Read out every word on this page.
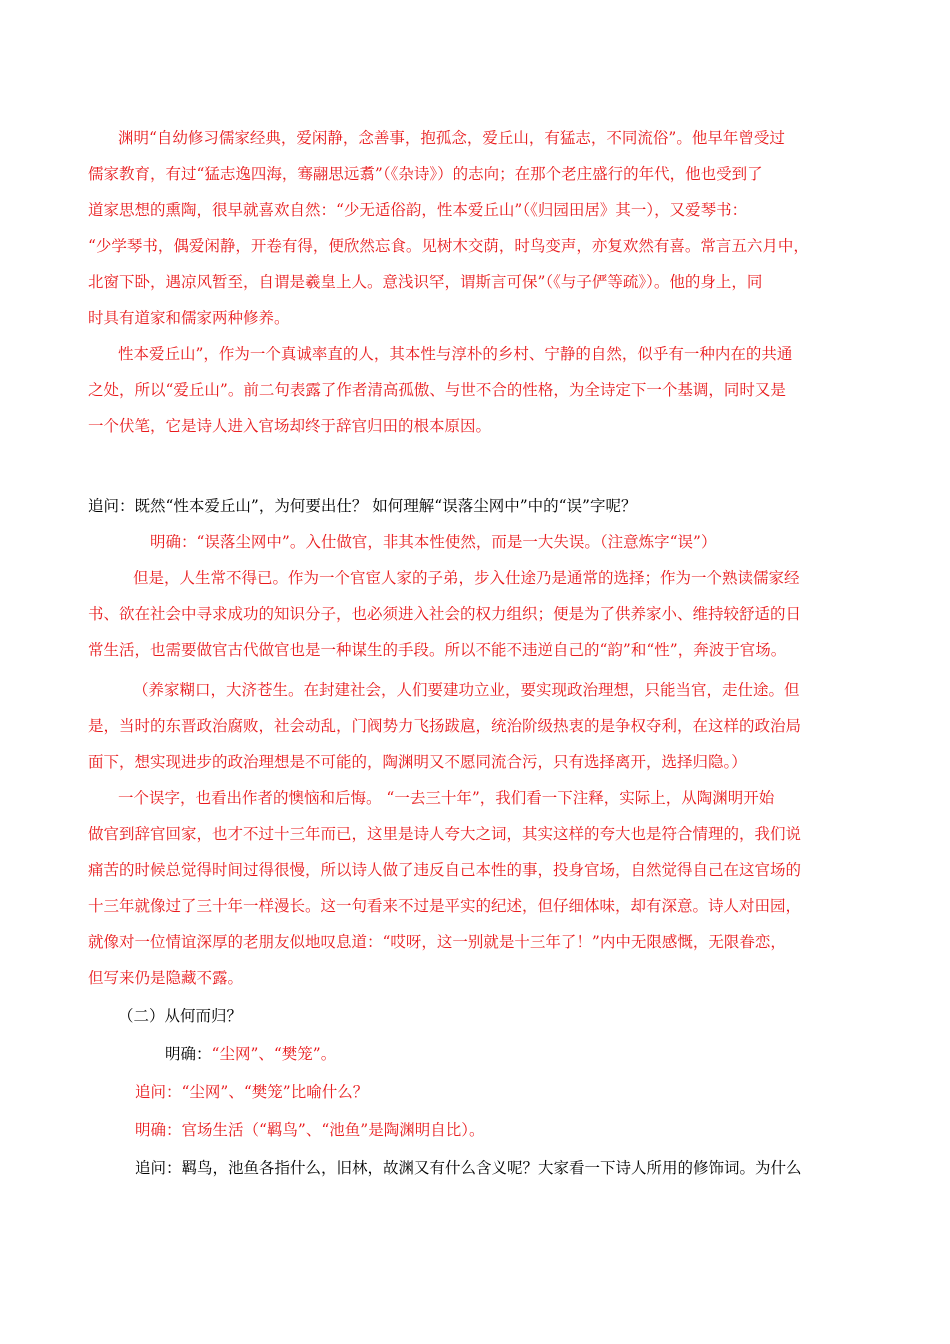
渊明“自幼修习儒家经典，爱闲静，念善事，抱孤念，爱丘山，有猛志，不同流俗”。他早年曾受过
儒家教育，有过“猛志逸四海，骞翮思远翥”（《杂诗》）的志向；在那个老庄盛行的年代，他也受到了
道家思想的熏陶，很早就喜欢自然：“少无适俗韵，性本爱丘山”（《归园田居》其一），又爱琴书：
“少学琴书，偶爱闲静，开卷有得，便欣然忘食。见树木交荫，时鸟变声，亦复欢然有喜。常言五六月中，
北窗下卧，遇凉风暂至，自谓是羲皇上人。意浅识罕，谓斯言可保”（《与子俨等疏》）。他的身上，同
时具有道家和儒家两种修养。
性本爱丘山”，作为一个真诚率直的人，其本性与淳朴的乡村、宁静的自然，似乎有一种内在的共通
之处，所以“爱丘山”。前二句表露了作者清高孤傲、与世不合的性格，为全诗定下一个基调，同时又是
一个伏笔，它是诗人进入官场却终于辞官归田的根本原因。
追问：既然“性本爱丘山”，为何要出仕？ 如何理解“误落尘网中”中的“误”字呢？
明确：“误落尘网中”。入仕做官，非其本性使然，而是一大失误。（注意炼字“误”）
但是，人生常不得已。作为一个官宦人家的子弟，步入仕途乃是通常的选择；作为一个熟读儒家经
书、欲在社会中寻求成功的知识分子，也必须进入社会的权力组织；便是为了供养家小、维持较舒适的日
常生活，也需要做官古代做官也是一种谋生的手段。所以不能不违逆自己的“韵”和“性”，奔波于官场。
（养家糊口，大济苍生。在封建社会，人们要建功立业，要实现政治理想，只能当官，走仕途。但
是，当时的东晋政治腐败，社会动乱，门阀势力飞扬跋扈，统治阶级热衷的是争权夺利，在这样的政治局
面下，想实现进步的政治理想是不可能的，陶渊明又不愿同流合污，只有选择离开，选择归隐。）
一个误字，也看出作者的懊恼和后悔。 “一去三十年”，我们看一下注释，实际上，从陶渊明开始
做官到辞官回家，也才不过十三年而已，这里是诗人夸大之词，其实这样的夸大也是符合情理的，我们说
痛苦的时候总觉得时间过得很慢，所以诗人做了违反自己本性的事，投身官场，自然觉得自己在这官场的
十三年就像过了三十年一样漫长。这一句看来不过是平实的纪述，但仔细体味，却有深意。诗人对田园，
就像对一位情谊深厚的老朋友似地叹息道：“哎呀，这一别就是十三年了！”内中无限感慨，无限眷恋，
但写来仍是隐藏不露。
（二）从何而归？
明确：“尘网”、“樊笼”。
追问：“尘网”、“樊笼”比喻什么？
明确：官场生活（“羁鸟”、“池鱼”是陶渊明自比）。
追问：羁鸟，池鱼各指什么，旧林，故渊又有什么含义呢？大家看一下诗人所用的修饰词。为什么
